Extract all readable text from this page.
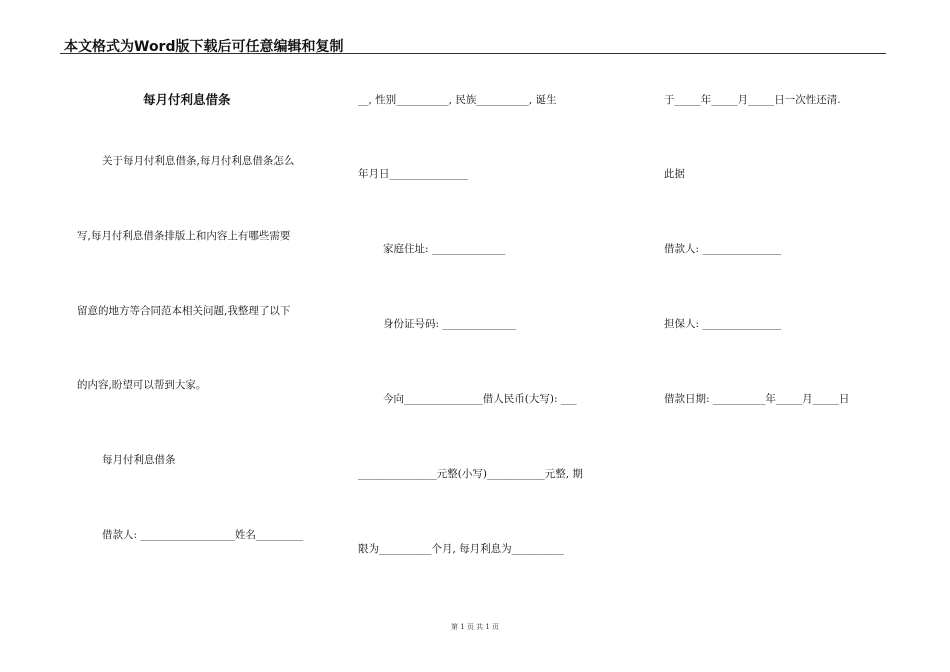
本文格式为Word版下载后可任意编辑和复制
每月付利息借条
关于每月付利息借条,每月付利息借条怎么
写,每月付利息借条排版上和内容上有哪些需要
留意的地方等合同范本相关问题,我整理了以下
的内容,盼望可以帮到大家。
每月付利息借条
借款人: __________________姓名_________
__, 性别__________, 民族__________, 诞生
年月日_______________
家庭住址: ______________
身份证号码: ______________
今向_______________借人民币(大写): ___
_______________元整(小写)___________元整, 期
限为__________个月, 每月利息为__________
于_____年_____月_____日一次性还清.
此据
借款人: _______________
担保人: _______________
借款日期: __________年_____月_____日
第 1 页 共 1 页
